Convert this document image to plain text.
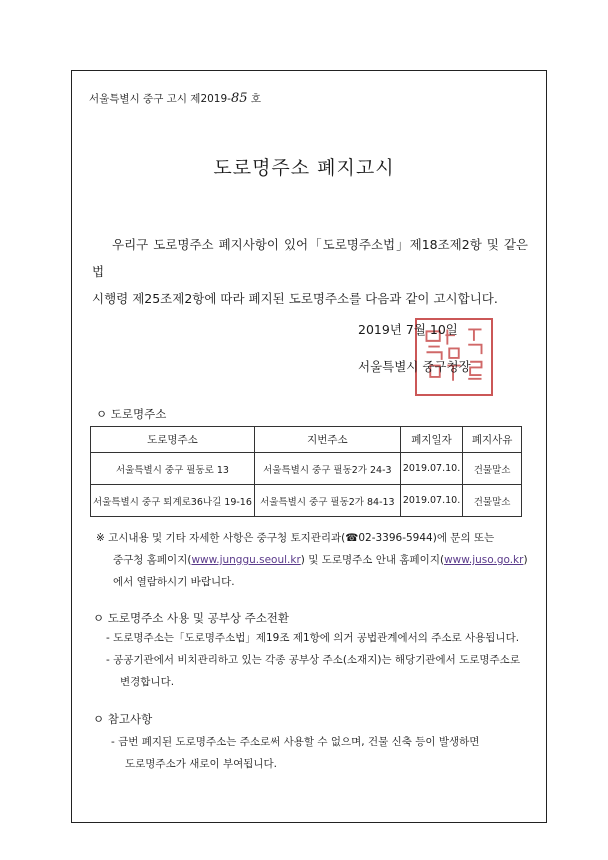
서울특별시 중구 고시 제2019-85 호
도로명주소 폐지고시
우리구 도로명주소 폐지사항이 있어「도로명주소법」제18조제2항 및 같은 법
시행령 제25조제2항에 따라 폐지된 도로명주소를 다음과 같이 고시합니다.
2019년 7월 10일
서울특별시 중구청장
ㅇ 도로명주소
도로명주소	지번주소	폐지일자	폐지사유
서울특별시 중구 필동로 13	서울특별시 중구 필동2가 24-3	2019.07.10.	건물말소
서울특별시 중구 퇴계로36나길 19-16	서울특별시 중구 필동2가 84-13	2019.07.10.	건물말소
※ 고시내용 및 기타 자세한 사항은 중구청 토지관리과(☎02-3396-5944)에 문의 또는
중구청 홈페이지(www.junggu.seoul.kr) 및 도로명주소 안내 홈페이지(www.juso.go.kr)
에서 열람하시기 바랍니다.
ㅇ 도로명주소 사용 및 공부상 주소전환
- 도로명주소는「도로명주소법」제19조 제1항에 의거 공법관계에서의 주소로 사용됩니다.
- 공공기관에서 비치관리하고 있는 각종 공부상 주소(소재지)는 해당기관에서 도로명주소로
변경합니다.
ㅇ 참고사항
- 금번 폐지된 도로명주소는 주소로써 사용할 수 없으며, 건물 신축 등이 발생하면
도로명주소가 새로이 부여됩니다.
